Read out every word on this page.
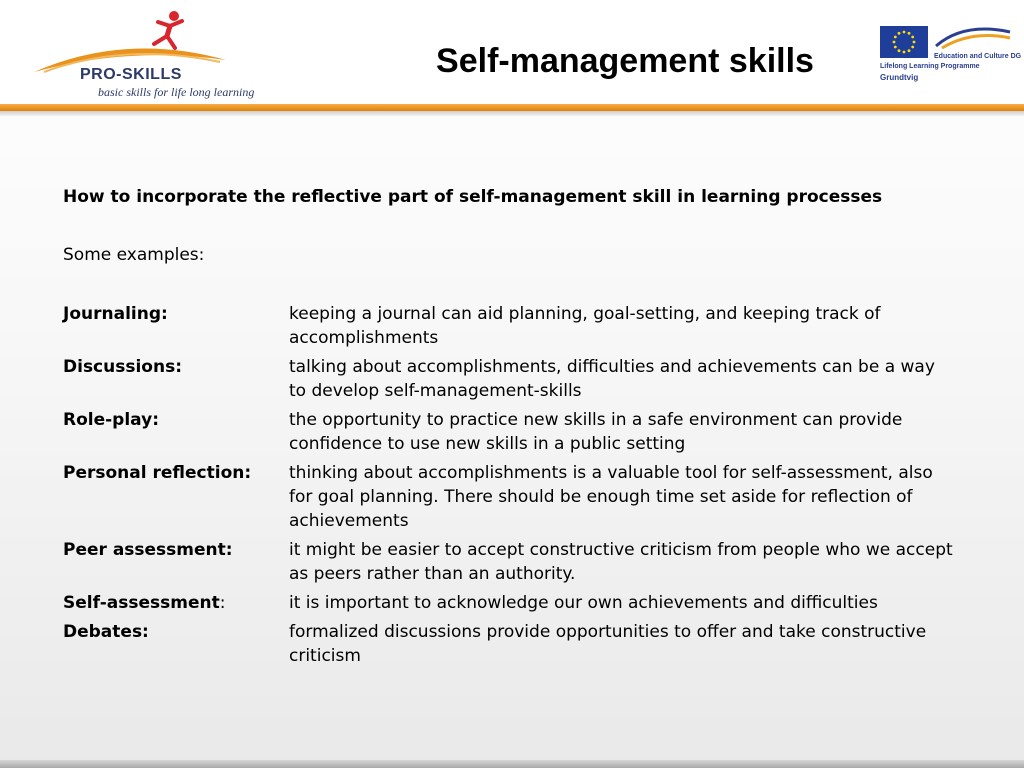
PRO-SKILLS

basic skills for life long learning

Self-management skills	Education and Culture DG

Lifelong Learning Programme

Grundtvig

How to incorporate the reflective part of self-management skill in learning processes

Some examples:

Journaling:	keeping a journal can aid planning, goal-setting, and keeping track of accomplishments
Discussions:	talking about accomplishments, difficulties and achievements can be a way to develop self-management-skills
Role-play:	the opportunity to practice new skills in a safe environment can provide confidence to use new skills in a public setting
Personal reflection:	thinking about accomplishments is a valuable tool for self-assessment, also for goal planning. There should be enough time set aside for reflection of achievements
Peer assessment:	it might be easier to accept constructive criticism from people who we accept as peers rather than an authority.
Self-assessment:	it is important to acknowledge our own achievements and difficulties
Debates:	formalized discussions provide opportunities to offer and take constructive criticism
